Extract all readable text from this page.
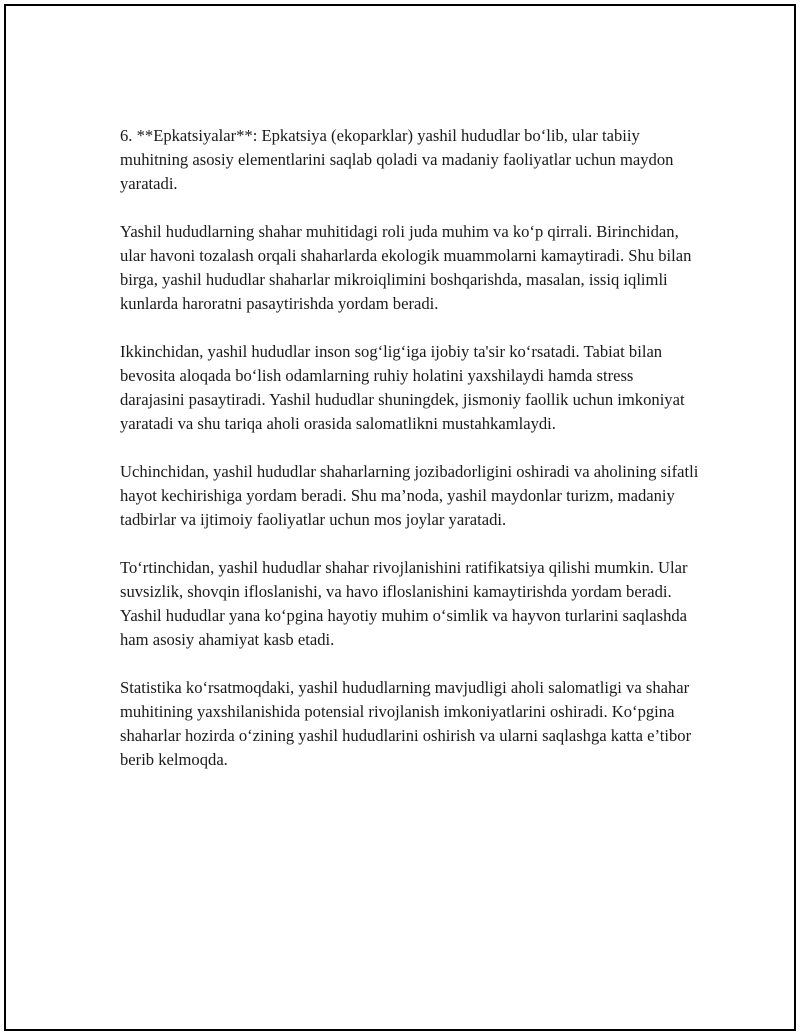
6. **Epkatsiyalar**: Epkatsiya (ekoparklar) yashil hududlar bo‘lib, ular tabiiy muhitning asosiy elementlarini saqlab qoladi va madaniy faoliyatlar uchun maydon yaratadi.

Yashil hududlarning shahar muhitidagi roli juda muhim va ko‘p qirrali. Birinchidan, ular havoni tozalash orqali shaharlarda ekologik muammolarni kamaytiradi. Shu bilan birga, yashil hududlar shaharlar mikroiqlimini boshqarishda, masalan, issiq iqlimli kunlarda haroratni pasaytirishda yordam beradi.

Ikkinchidan, yashil hududlar inson sog‘lig‘iga ijobiy ta'sir ko‘rsatadi. Tabiat bilan bevosita aloqada bo‘lish odamlarning ruhiy holatini yaxshilaydi hamda stress darajasini pasaytiradi. Yashil hududlar shuningdek, jismoniy faollik uchun imkoniyat yaratadi va shu tariqa aholi orasida salomatlikni mustahkamlaydi.

Uchinchidan, yashil hududlar shaharlarning jozibadorligini oshiradi va aholining sifatli hayot kechirishiga yordam beradi. Shu ma’noda, yashil maydonlar turizm, madaniy tadbirlar va ijtimoiy faoliyatlar uchun mos joylar yaratadi.

To‘rtinchidan, yashil hududlar shahar rivojlanishini ratifikatsiya qilishi mumkin. Ular suvsizlik, shovqin ifloslanishi, va havo ifloslanishini kamaytirishda yordam beradi. Yashil hududlar yana ko‘pgina hayotiy muhim o‘simlik va hayvon turlarini saqlashda ham asosiy ahamiyat kasb etadi.

Statistika ko‘rsatmoqdaki, yashil hududlarning mavjudligi aholi salomatligi va shahar muhitining yaxshilanishida potensial rivojlanish imkoniyatlarini oshiradi. Ko‘pgina shaharlar hozirda o‘zining yashil hududlarini oshirish va ularni saqlashga katta e’tibor berib kelmoqda.
